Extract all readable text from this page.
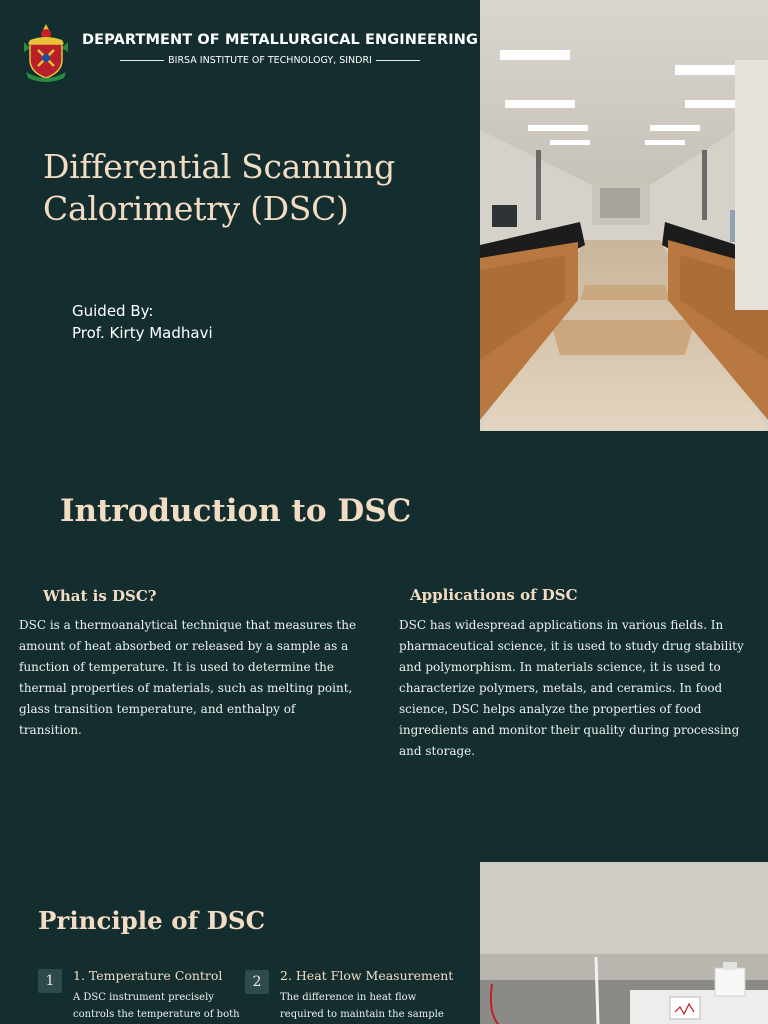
DEPARTMENT OF METALLURGICAL ENGINEERING
BIRSA INSTITUTE OF TECHNOLOGY, SINDRI
Differential Scanning
Calorimetry (DSC)
Guided By:
Prof. Kirty Madhavi
Introduction to DSC
What is DSC?

DSC is a thermoanalytical technique that measures the amount of heat absorbed or released by a sample as a function of temperature. It is used to determine the thermal properties of materials, such as melting point, glass transition temperature, and enthalpy of transition.

Applications of DSC

DSC has widespread applications in various fields. In pharmaceutical science, it is used to study drug stability and polymorphism. In materials science, it is used to characterize polymers, metals, and ceramics. In food science, DSC helps analyze the properties of food ingredients and monitor their quality during processing and storage.

Principle of DSC
1	1. Temperature Control
A DSC instrument precisely
controls the temperature of both
2	2. Heat Flow Measurement
The difference in heat flow
required to maintain the sample
